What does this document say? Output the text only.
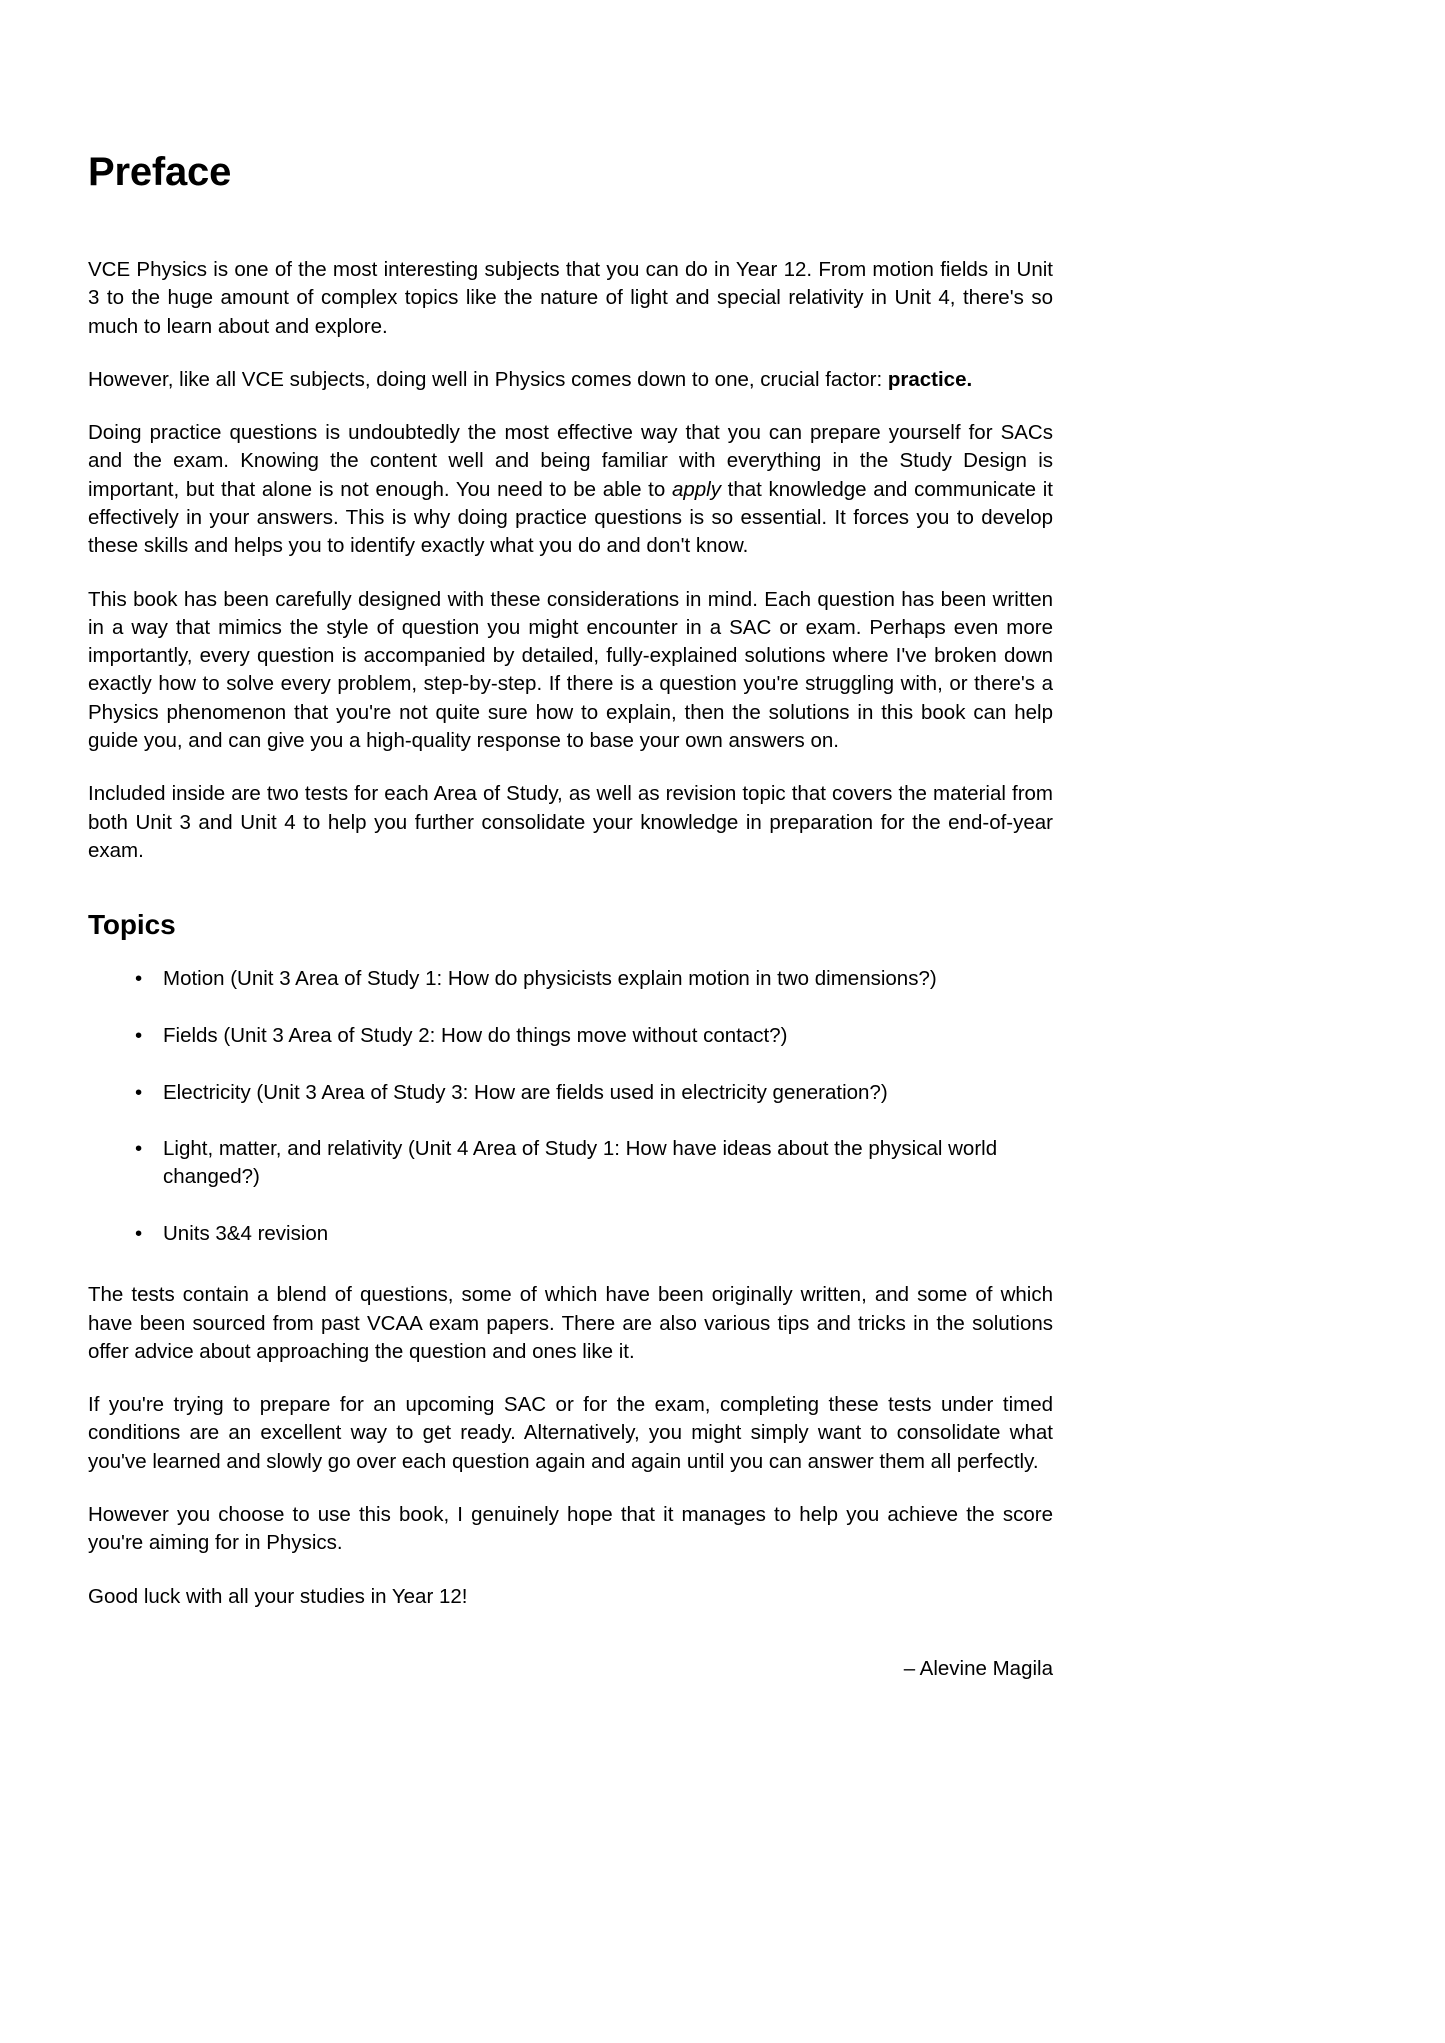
Preface

VCE Physics is one of the most interesting subjects that you can do in Year 12. From motion fields in Unit 3 to the huge amount of complex topics like the nature of light and special relativity in Unit 4, there's so much to learn about and explore.

However, like all VCE subjects, doing well in Physics comes down to one, crucial factor: practice.

Doing practice questions is undoubtedly the most effective way that you can prepare yourself for SACs and the exam. Knowing the content well and being familiar with everything in the Study Design is important, but that alone is not enough. You need to be able to apply that knowledge and communicate it effectively in your answers. This is why doing practice questions is so essential. It forces you to develop these skills and helps you to identify exactly what you do and don't know.

This book has been carefully designed with these considerations in mind. Each question has been written in a way that mimics the style of question you might encounter in a SAC or exam. Perhaps even more importantly, every question is accompanied by detailed, fully-explained solutions where I've broken down exactly how to solve every problem, step-by-step. If there is a question you're struggling with, or there's a Physics phenomenon that you're not quite sure how to explain, then the solutions in this book can help guide you, and can give you a high-quality response to base your own answers on.

Included inside are two tests for each Area of Study, as well as revision topic that covers the material from both Unit 3 and Unit 4 to help you further consolidate your knowledge in preparation for the end-of-year exam.

Topics
• Motion (Unit 3 Area of Study 1: How do physicists explain motion in two dimensions?)
• Fields (Unit 3 Area of Study 2: How do things move without contact?)
• Electricity (Unit 3 Area of Study 3: How are fields used in electricity generation?)
• Light, matter, and relativity (Unit 4 Area of Study 1: How have ideas about the physical world changed?)
• Units 3&4 revision

The tests contain a blend of questions, some of which have been originally written, and some of which have been sourced from past VCAA exam papers. There are also various tips and tricks in the solutions offer advice about approaching the question and ones like it.

If you're trying to prepare for an upcoming SAC or for the exam, completing these tests under timed conditions are an excellent way to get ready. Alternatively, you might simply want to consolidate what you've learned and slowly go over each question again and again until you can answer them all perfectly.

However you choose to use this book, I genuinely hope that it manages to help you achieve the score you're aiming for in Physics.

Good luck with all your studies in Year 12!

– Alevine Magila
